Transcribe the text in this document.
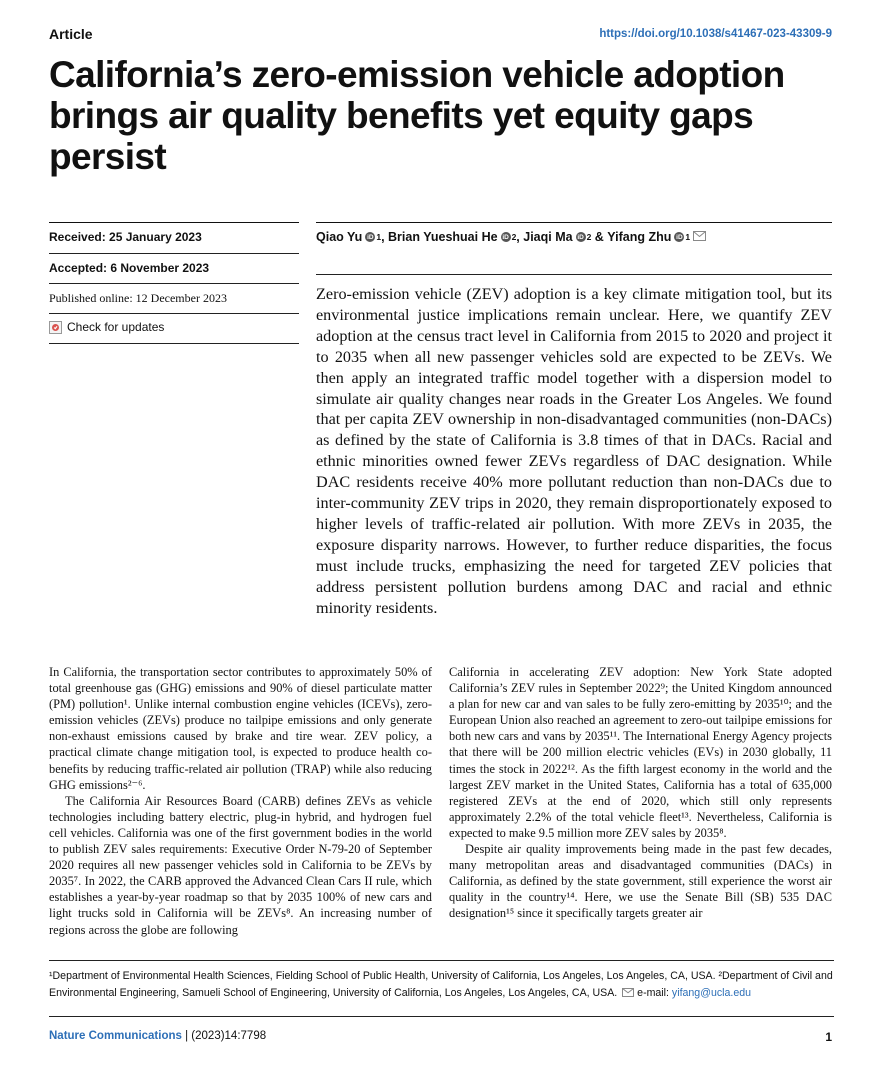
Article	https://doi.org/10.1038/s41467-023-43309-9
California’s zero-emission vehicle adoption brings air quality benefits yet equity gaps persist
Received: 25 January 2023
Accepted: 6 November 2023
Published online: 12 December 2023
Check for updates
Qiao Yu iD 1 , Brian Yueshuai He iD 2 , Jiaqi Ma iD 2 & Yifang Zhu iD 1

Zero-emission vehicle (ZEV) adoption is a key climate mitigation tool, but its environmental justice implications remain unclear. Here, we quantify ZEV adoption at the census tract level in California from 2015 to 2020 and project it to 2035 when all new passenger vehicles sold are expected to be ZEVs. We then apply an integrated traffic model together with a dispersion model to simulate air quality changes near roads in the Greater Los Angeles. We found that per capita ZEV ownership in non-disadvantaged communities (non-DACs) as defined by the state of California is 3.8 times of that in DACs. Racial and ethnic minorities owned fewer ZEVs regardless of DAC designation. While DAC residents receive 40% more pollutant reduction than non-DACs due to inter-community ZEV trips in 2020, they remain disproportionately exposed to higher levels of traffic-related air pollution. With more ZEVs in 2035, the exposure disparity narrows. However, to further reduce disparities, the focus must include trucks, emphasizing the need for targeted ZEV policies that address persistent pollution burdens among DAC and racial and ethnic minority residents.

In California, the transportation sector contributes to approximately 50% of total greenhouse gas (GHG) emissions and 90% of diesel particulate matter (PM) pollution¹. Unlike internal combustion engine vehicles (ICEVs), zero-emission vehicles (ZEVs) produce no tailpipe emissions and only generate non-exhaust emissions caused by brake and tire wear. ZEV policy, a practical climate change mitigation tool, is expected to produce health co-benefits by reducing traffic-related air pollution (TRAP) while also reducing GHG emissions²⁻⁶.

The California Air Resources Board (CARB) defines ZEVs as vehicle technologies including battery electric, plug-in hybrid, and hydrogen fuel cell vehicles. California was one of the first government bodies in the world to publish ZEV sales requirements: Executive Order N-79-20 of September 2020 requires all new passenger vehicles sold in California to be ZEVs by 2035⁷. In 2022, the CARB approved the Advanced Clean Cars II rule, which establishes a year-by-year roadmap so that by 2035 100% of new cars and light trucks sold in California will be ZEVs⁸. An increasing number of regions across the globe are following

California in accelerating ZEV adoption: New York State adopted California’s ZEV rules in September 2022⁹; the United Kingdom announced a plan for new car and van sales to be fully zero-emitting by 2035¹⁰; and the European Union also reached an agreement to zero-out tailpipe emissions for both new cars and vans by 2035¹¹. The International Energy Agency projects that there will be 200 million electric vehicles (EVs) in 2030 globally, 11 times the stock in 2022¹². As the fifth largest economy in the world and the largest ZEV market in the United States, California has a total of 635,000 registered ZEVs at the end of 2020, which still only represents approximately 2.2% of the total vehicle fleet¹³. Nevertheless, California is expected to make 9.5 million more ZEV sales by 2035⁸.

Despite air quality improvements being made in the past few decades, many metropolitan areas and disadvantaged communities (DACs) in California, as defined by the state government, still experience the worst air quality in the country¹⁴. Here, we use the Senate Bill (SB) 535 DAC designation¹⁵ since it specifically targets greater air

¹Department of Environmental Health Sciences, Fielding School of Public Health, University of California, Los Angeles, Los Angeles, CA, USA. ²Department of Civil and Environmental Engineering, Samueli School of Engineering, University of California, Los Angeles, Los Angeles, CA, USA. e-mail: yifang@ucla.edu

Nature Communications | (2023)14:7798	1
